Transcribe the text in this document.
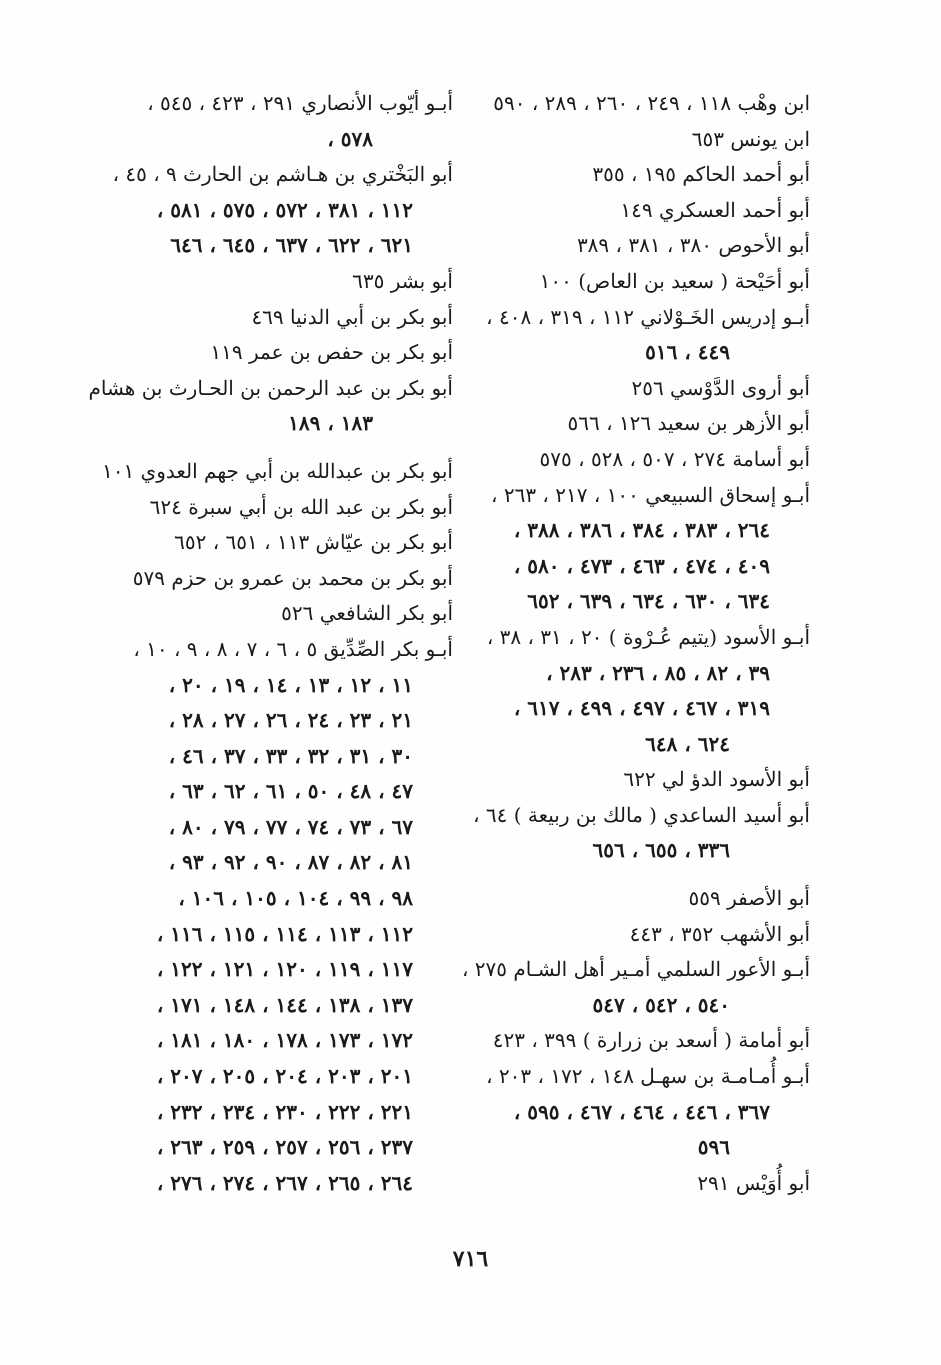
ابن وهْب ١١٨ ، ٢٤٩ ، ٢٦٠ ، ٢٨٩ ، ٥٩٠
ابن يونس ٦٥٣
أبو أحمد الحاكم ١٩٥ ، ٣٥٥
أبو أحمد العسكري ١٤٩
أبو الأحوص ٣٨٠ ، ٣٨١ ، ٣٨٩
أبو أحَيْحة ( سعيد بن العاص) ١٠٠
أبـو إدريس الخَـوْلاني ١١٢ ، ٣١٩ ، ٤٠٨ ،
٤٤٩ ، ٥١٦
أبو أروى الدَّوْسي ٢٥٦
أبو الأزهر بن سعيد ١٢٦ ، ٥٦٦
أبو أسامة ٢٧٤ ، ٥٠٧ ، ٥٢٨ ، ٥٧٥
أبـو إسحاق السبيعي ١٠٠ ، ٢١٧ ، ٢٦٣ ،
٢٦٤ ، ٣٨٣ ، ٣٨٤ ، ٣٨٦ ، ٣٨٨ ،
٤٠٩ ، ٤٧٤ ، ٤٦٣ ، ٤٧٣ ، ٥٨٠ ،
٦٣٤ ، ٦٣٠ ، ٦٣٤ ، ٦٣٩ ، ٦٥٢
أبـو الأسود (يتيم عُـرْوة ) ٢٠ ، ٣١ ، ٣٨ ،
٣٩ ، ٨٢ ، ٨٥ ، ٢٣٦ ، ٢٨٣ ،
٣١٩ ، ٤٦٧ ، ٤٩٧ ، ٤٩٩ ، ٦١٧ ،
٦٢٤ ، ٦٤٨
أبو الأسود الدؤ لي ٦٢٢
أبو أسيد الساعدي ( مالك بن ربيعة ) ٦٤ ،
٣٣٦ ، ٦٥٥ ، ٦٥٦
أبو الأصفر ٥٥٩
أبو الأشهب ٣٥٢ ، ٤٤٣
أبـو الأعور السلمي أمـير أهل الشـام ٢٧٥ ،
٥٤٠ ، ٥٤٢ ، ٥٤٧
أبو أمامة ( أسعد بن زرارة ) ٣٩٩ ، ٤٢٣
أبـو أُمـامـة بن سهـل ١٤٨ ، ١٧٢ ، ٢٠٣ ،
٣٦٧ ، ٤٤٦ ، ٤٦٤ ، ٤٦٧ ، ٥٩٥ ،
٥٩٦
أبو أُوَيْس ٢٩١
أبـو أيّوب الأنصاري ٢٩١ ، ٤٢٣ ، ٥٤٥ ،
٥٧٨ ،
أبو البَخْتري بن هـاشم بن الحارث ٩ ، ٤٥ ،
١١٢ ، ٣٨١ ، ٥٧٢ ، ٥٧٥ ، ٥٨١ ،
٦٢١ ، ٦٢٢ ، ٦٣٧ ، ٦٤٥ ، ٦٤٦
أبو بشر ٦٣٥
أبو بكر بن أبي الدنيا ٤٦٩
أبو بكر بن حفص بن عمر ١١٩
أبو بكر بن عبد الرحمن بن الحـارث بن هشام
١٨٣ ، ١٨٩
أبو بكر بن عبدالله بن أبي جهم العدوي ١٠١
أبو بكر بن عبد الله بن أبي سبرة ٦٢٤
أبو بكر بن عيّاش ١١٣ ، ٦٥١ ، ٦٥٢
أبو بكر بن محمد بن عمرو بن حزم ٥٧٩
أبو بكر الشافعي ٥٢٦
أبـو بكر الصِّدِّيق ٥ ، ٦ ، ٧ ، ٨ ، ٩ ، ١٠ ،
١١ ، ١٢ ، ١٣ ، ١٤ ، ١٩ ، ٢٠ ،
٢١ ، ٢٣ ، ٢٤ ، ٢٦ ، ٢٧ ، ٢٨ ،
٣٠ ، ٣١ ، ٣٢ ، ٣٣ ، ٣٧ ، ٤٦ ،
٤٧ ، ٤٨ ، ٥٠ ، ٦١ ، ٦٢ ، ٦٣ ،
٦٧ ، ٧٣ ، ٧٤ ، ٧٧ ، ٧٩ ، ٨٠ ،
٨١ ، ٨٢ ، ٨٧ ، ٩٠ ، ٩٢ ، ٩٣ ،
٩٨ ، ٩٩ ، ١٠٤ ، ١٠٥ ، ١٠٦ ،
١١٢ ، ١١٣ ، ١١٤ ، ١١٥ ، ١١٦ ،
١١٧ ، ١١٩ ، ١٢٠ ، ١٢١ ، ١٢٢ ،
١٣٧ ، ١٣٨ ، ١٤٤ ، ١٤٨ ، ١٧١ ،
١٧٢ ، ١٧٣ ، ١٧٨ ، ١٨٠ ، ١٨١ ،
٢٠١ ، ٢٠٣ ، ٢٠٤ ، ٢٠٥ ، ٢٠٧ ،
٢٢١ ، ٢٢٢ ، ٢٣٠ ، ٢٣٤ ، ٢٣٢ ،
٢٣٧ ، ٢٥٦ ، ٢٥٧ ، ٢٥٩ ، ٢٦٣ ،
٢٦٤ ، ٢٦٥ ، ٢٦٧ ، ٢٧٤ ، ٢٧٦ ،
٧١٦
